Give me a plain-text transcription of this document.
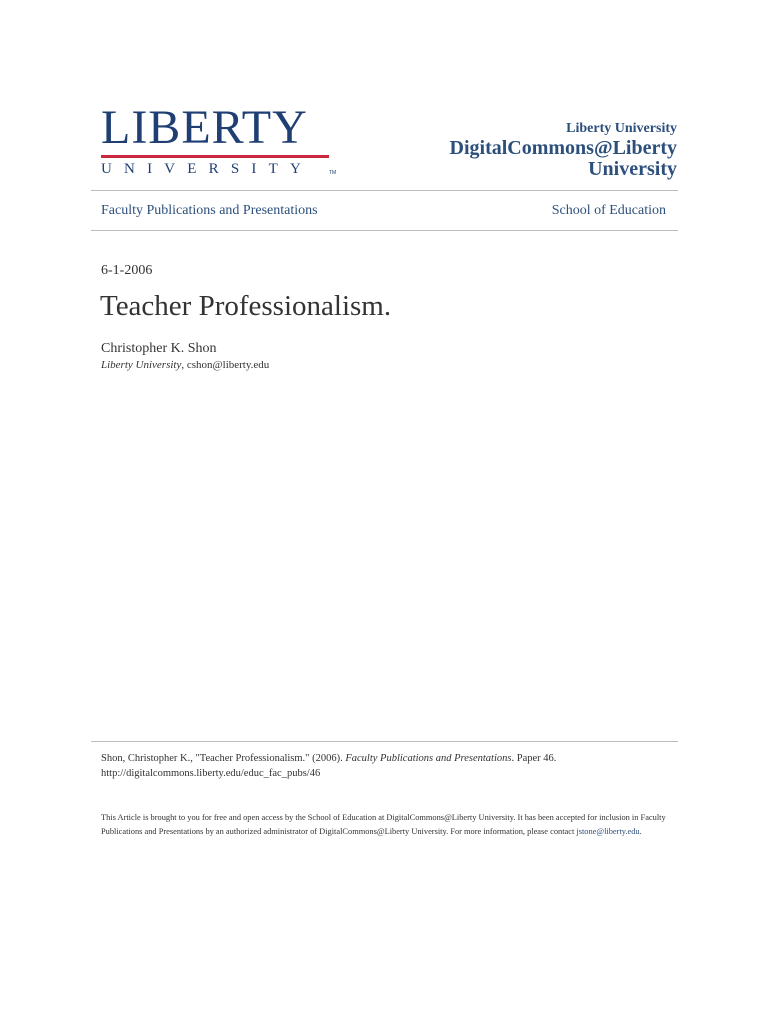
LIBERTY
UNIVERSITY	TM
Liberty University
DigitalCommons@Liberty
University
Faculty Publications and Presentations	School of Education
6-1-2006
Teacher Professionalism.
Christopher K. Shon
Liberty University, cshon@liberty.edu
Shon, Christopher K., "Teacher Professionalism." (2006). Faculty Publications and Presentations. Paper 46.
http://digitalcommons.liberty.edu/educ_fac_pubs/46
This Article is brought to you for free and open access by the School of Education at DigitalCommons@Liberty University. It has been accepted for inclusion in Faculty Publications and Presentations by an authorized administrator of DigitalCommons@Liberty University. For more information, please contact jstone@liberty.edu.
